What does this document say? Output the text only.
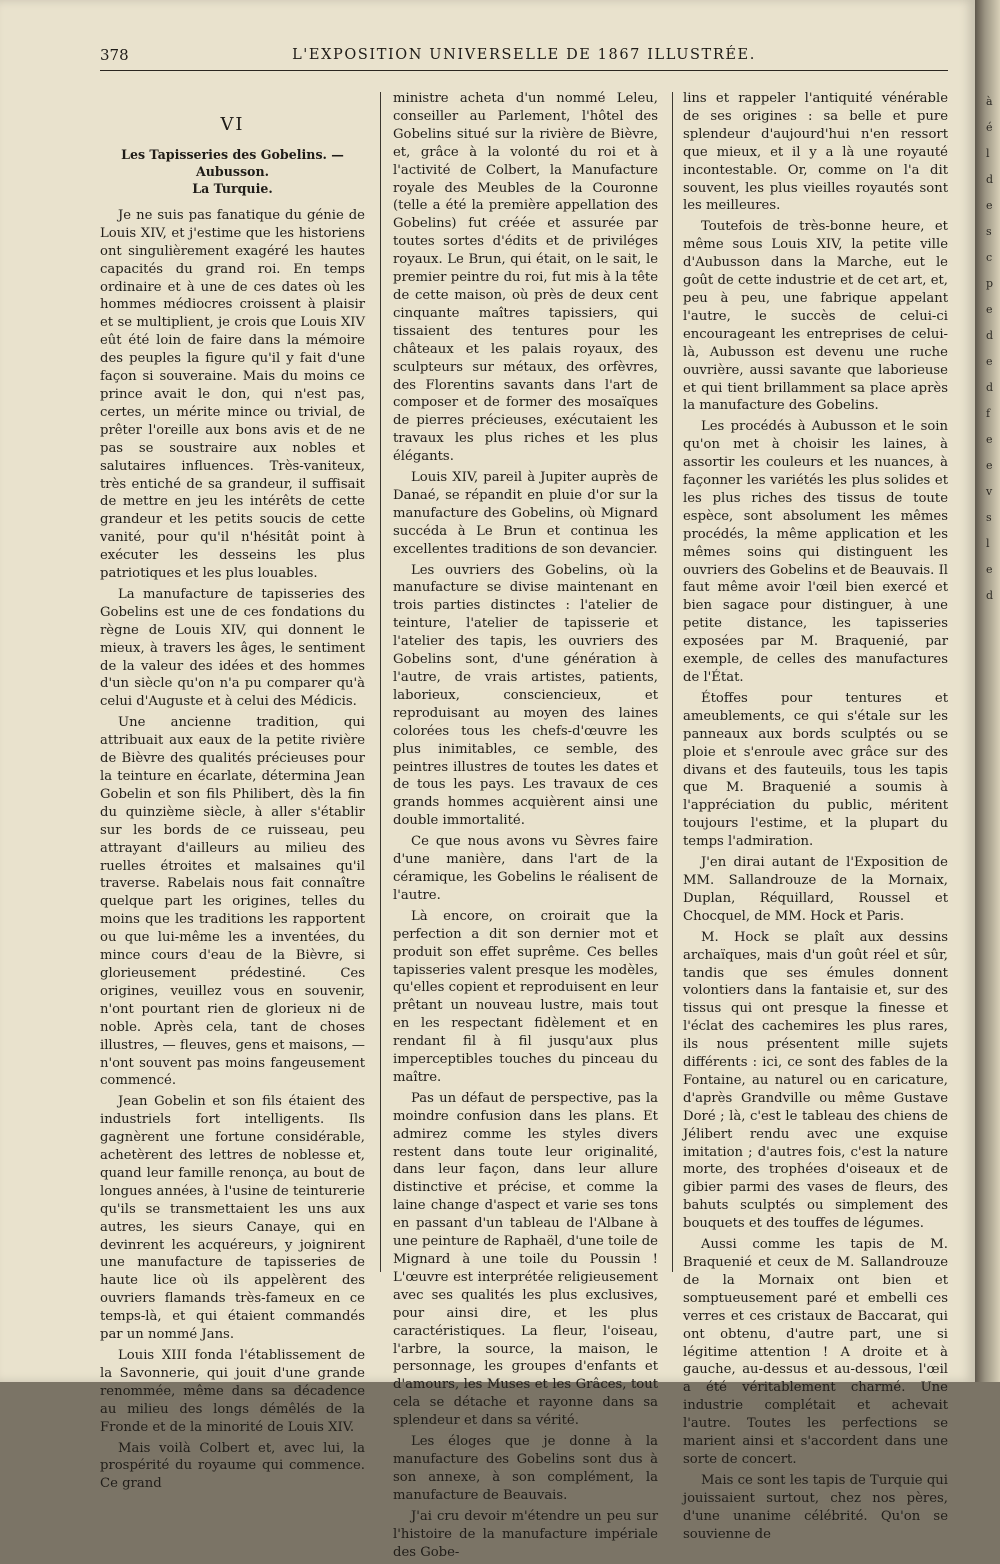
378	L'EXPOSITION UNIVERSELLE DE 1867 ILLUSTRÉE.
VI
Les Tapisseries des Gobelins. — Aubusson.
La Turquie.

Je ne suis pas fanatique du génie de Louis XIV, et j'estime que les historiens ont singulièrement exagéré les hautes capacités du grand roi. En temps ordinaire et à une de ces dates où les hommes médiocres croissent à plaisir et se multiplient, je crois que Louis XIV eût été loin de faire dans la mémoire des peuples la figure qu'il y fait d'une façon si souveraine. Mais du moins ce prince avait le don, qui n'est pas, certes, un mérite mince ou trivial, de prêter l'oreille aux bons avis et de ne pas se soustraire aux nobles et salutaires influences. Très-vaniteux, très entiché de sa grandeur, il suffisait de mettre en jeu les intérêts de cette grandeur et les petits soucis de cette vanité, pour qu'il n'hésitât point à exécuter les desseins les plus patriotiques et les plus louables.

La manufacture de tapisseries des Gobelins est une de ces fondations du règne de Louis XIV, qui donnent le mieux, à travers les âges, le sentiment de la valeur des idées et des hommes d'un siècle qu'on n'a pu comparer qu'à celui d'Auguste et à celui des Médicis.

Une ancienne tradition, qui attribuait aux eaux de la petite rivière de Bièvre des qualités précieuses pour la teinture en écarlate, détermina Jean Gobelin et son fils Philibert, dès la fin du quinzième siècle, à aller s'établir sur les bords de ce ruisseau, peu attrayant d'ailleurs au milieu des ruelles étroites et malsaines qu'il traverse. Rabelais nous fait connaître quelque part les origines, telles du moins que les traditions les rapportent ou que lui-même les a inventées, du mince cours d'eau de la Bièvre, si glorieusement prédestiné. Ces origines, veuillez vous en souvenir, n'ont pourtant rien de glorieux ni de noble. Après cela, tant de choses illustres, — fleuves, gens et maisons, — n'ont souvent pas moins fangeusement commencé.

Jean Gobelin et son fils étaient des industriels fort intelligents. Ils gagnèrent une fortune considérable, achetèrent des lettres de noblesse et, quand leur famille renonça, au bout de longues années, à l'usine de teinturerie qu'ils se transmettaient les uns aux autres, les sieurs Canaye, qui en devinrent les acquéreurs, y joignirent une manufacture de tapisseries de haute lice où ils appelèrent des ouvriers flamands très-fameux en ce temps-là, et qui étaient commandés par un nommé Jans.

Louis XIII fonda l'établissement de la Savonnerie, qui jouit d'une grande renommée, même dans sa décadence au milieu des longs démêlés de la Fronde et de la minorité de Louis XIV.

Mais voilà Colbert et, avec lui, la prospérité du royaume qui commence. Ce grand

ministre acheta d'un nommé Leleu, conseiller au Parlement, l'hôtel des Gobelins situé sur la rivière de Bièvre, et, grâce à la volonté du roi et à l'activité de Colbert, la Manufacture royale des Meubles de la Couronne (telle a été la première appellation des Gobelins) fut créée et assurée par toutes sortes d'édits et de priviléges royaux. Le Brun, qui était, on le sait, le premier peintre du roi, fut mis à la tête de cette maison, où près de deux cent cinquante maîtres tapissiers, qui tissaient des tentures pour les châteaux et les palais royaux, des sculpteurs sur métaux, des orfèvres, des Florentins savants dans l'art de composer et de former des mosaïques de pierres précieuses, exécutaient les travaux les plus riches et les plus élégants.

Louis XIV, pareil à Jupiter auprès de Danaé, se répandit en pluie d'or sur la manufacture des Gobelins, où Mignard succéda à Le Brun et continua les excellentes traditions de son devancier.

Les ouvriers des Gobelins, où la manufacture se divise maintenant en trois parties distinctes : l'atelier de teinture, l'atelier de tapisserie et l'atelier des tapis, les ouvriers des Gobelins sont, d'une génération à l'autre, de vrais artistes, patients, laborieux, consciencieux, et reproduisant au moyen des laines colorées tous les chefs-d'œuvre les plus inimitables, ce semble, des peintres illustres de toutes les dates et de tous les pays. Les travaux de ces grands hommes acquièrent ainsi une double immortalité.

Ce que nous avons vu Sèvres faire d'une manière, dans l'art de la céramique, les Gobelins le réalisent de l'autre.

Là encore, on croirait que la perfection a dit son dernier mot et produit son effet suprême. Ces belles tapisseries valent presque les modèles, qu'elles copient et reproduisent en leur prêtant un nouveau lustre, mais tout en les respectant fidèlement et en rendant fil à fil jusqu'aux plus imperceptibles touches du pinceau du maître.

Pas un défaut de perspective, pas la moindre confusion dans les plans. Et admirez comme les styles divers restent dans toute leur originalité, dans leur façon, dans leur allure distinctive et précise, et comme la laine change d'aspect et varie ses tons en passant d'un tableau de l'Albane à une peinture de Raphaël, d'une toile de Mignard à une toile du Poussin ! L'œuvre est interprétée religieusement avec ses qualités les plus exclusives, pour ainsi dire, et les plus caractéristiques. La fleur, l'oiseau, l'arbre, la source, la maison, le personnage, les groupes d'enfants et d'amours, les Muses et les Grâces, tout cela se détache et rayonne dans sa splendeur et dans sa vérité.

Les éloges que je donne à la manufacture des Gobelins sont dus à son annexe, à son complément, la manufacture de Beauvais.

J'ai cru devoir m'étendre un peu sur l'histoire de la manufacture impériale des Gobe-

lins et rappeler l'antiquité vénérable de ses origines : sa belle et pure splendeur d'aujourd'hui n'en ressort que mieux, et il y a là une royauté incontestable. Or, comme on l'a dit souvent, les plus vieilles royautés sont les meilleures.

Toutefois de très-bonne heure, et même sous Louis XIV, la petite ville d'Aubusson dans la Marche, eut le goût de cette industrie et de cet art, et, peu à peu, une fabrique appelant l'autre, le succès de celui-ci encourageant les entreprises de celui-là, Aubusson est devenu une ruche ouvrière, aussi savante que laborieuse et qui tient brillamment sa place après la manufacture des Gobelins.

Les procédés à Aubusson et le soin qu'on met à choisir les laines, à assortir les couleurs et les nuances, à façonner les variétés les plus solides et les plus riches des tissus de toute espèce, sont absolument les mêmes procédés, la même application et les mêmes soins qui distinguent les ouvriers des Gobelins et de Beauvais. Il faut même avoir l'œil bien exercé et bien sagace pour distinguer, à une petite distance, les tapisseries exposées par M. Braquenié, par exemple, de celles des manufactures de l'État.

Étoffes pour tentures et ameublements, ce qui s'étale sur les panneaux aux bords sculptés ou se ploie et s'enroule avec grâce sur des divans et des fauteuils, tous les tapis que M. Braquenié a soumis à l'appréciation du public, méritent toujours l'estime, et la plupart du temps l'admiration.

J'en dirai autant de l'Exposition de MM. Sallandrouze de la Mornaix, Duplan, Réquillard, Roussel et Chocquel, de MM. Hock et Paris.

M. Hock se plaît aux dessins archaïques, mais d'un goût réel et sûr, tandis que ses émules donnent volontiers dans la fantaisie et, sur des tissus qui ont presque la finesse et l'éclat des cachemires les plus rares, ils nous présentent mille sujets différents : ici, ce sont des fables de la Fontaine, au naturel ou en caricature, d'après Grandville ou même Gustave Doré ; là, c'est le tableau des chiens de Jélibert rendu avec une exquise imitation ; d'autres fois, c'est la nature morte, des trophées d'oiseaux et de gibier parmi des vases de fleurs, des bahuts sculptés ou simplement des bouquets et des touffes de légumes.

Aussi comme les tapis de M. Braquenié et ceux de M. Sallandrouze de la Mornaix ont bien et somptueusement paré et embelli ces verres et ces cristaux de Baccarat, qui ont obtenu, d'autre part, une si légitime attention ! A droite et à gauche, au-dessus et au-dessous, l'œil a été véritablement charmé. Une industrie complétait et achevait l'autre. Toutes les perfections se marient ainsi et s'accordent dans une sorte de concert.

Mais ce sont les tapis de Turquie qui jouissaient surtout, chez nos pères, d'une unanime célébrité. Qu'on se souvienne de

à
é
l
d
e
s
c
p
e
d
e
d
f
e
e
v
s
l
e
d
